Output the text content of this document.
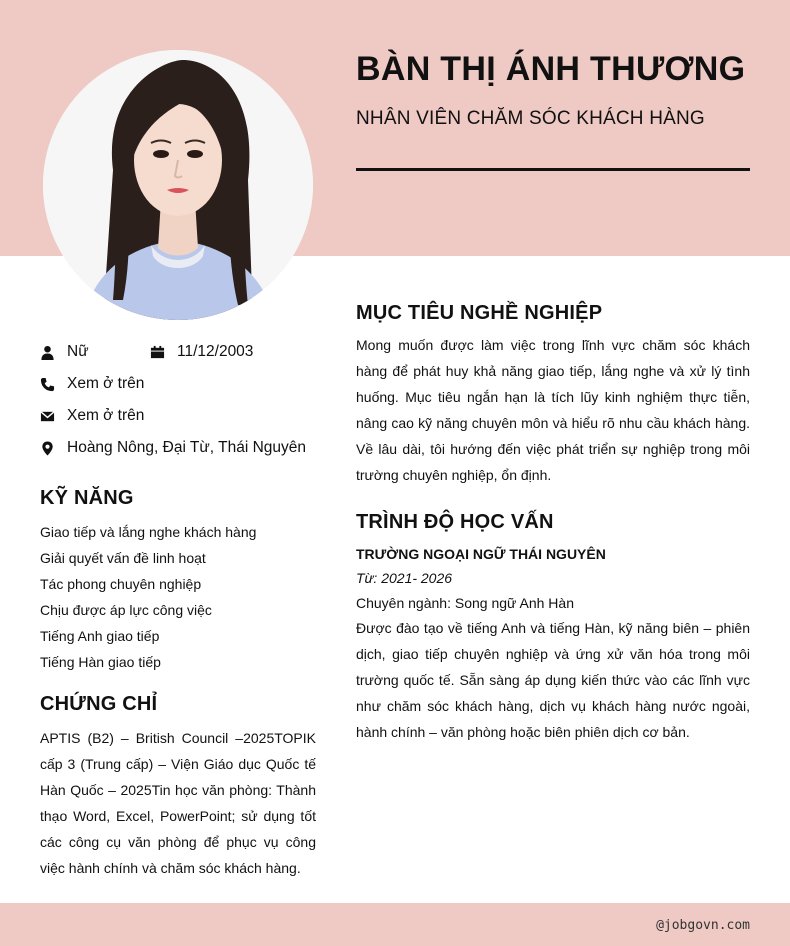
BÀN THỊ ÁNH THƯƠNG
NHÂN VIÊN CHĂM SÓC KHÁCH HÀNG
Nữ	11/12/2003
Xem ở trên
Xem ở trên
Hoàng Nông, Đại Từ, Thái Nguyên
KỸ NĂNG
Giao tiếp và lắng nghe khách hàng
Giải quyết vấn đề linh hoạt
Tác phong chuyên nghiệp
Chịu được áp lực công việc
Tiếng Anh giao tiếp
Tiếng Hàn giao tiếp
CHỨNG CHỈ

APTIS (B2) – British Council –2025TOPIK cấp 3 (Trung cấp) – Viện Giáo dục Quốc tế Hàn Quốc – 2025Tin học văn phòng: Thành thạo Word, Excel, PowerPoint; sử dụng tốt các công cụ văn phòng để phục vụ công việc hành chính và chăm sóc khách hàng.

MỤC TIÊU NGHỀ NGHIỆP

Mong muốn được làm việc trong lĩnh vực chăm sóc khách hàng để phát huy khả năng giao tiếp, lắng nghe và xử lý tình huống. Mục tiêu ngắn hạn là tích lũy kinh nghiệm thực tiễn, nâng cao kỹ năng chuyên môn và hiểu rõ nhu cầu khách hàng. Về lâu dài, tôi hướng đến việc phát triển sự nghiệp trong môi trường chuyên nghiệp, ổn định.

TRÌNH ĐỘ HỌC VẤN
TRƯỜNG NGOẠI NGỮ THÁI NGUYÊN
Từ: 2021- 2026
Chuyên ngành: Song ngữ Anh Hàn

Được đào tạo về tiếng Anh và tiếng Hàn, kỹ năng biên – phiên dịch, giao tiếp chuyên nghiệp và ứng xử văn hóa trong môi trường quốc tế. Sẵn sàng áp dụng kiến thức vào các lĩnh vực như chăm sóc khách hàng, dịch vụ khách hàng nước ngoài, hành chính – văn phòng hoặc biên phiên dịch cơ bản.

@jobgovn.com
